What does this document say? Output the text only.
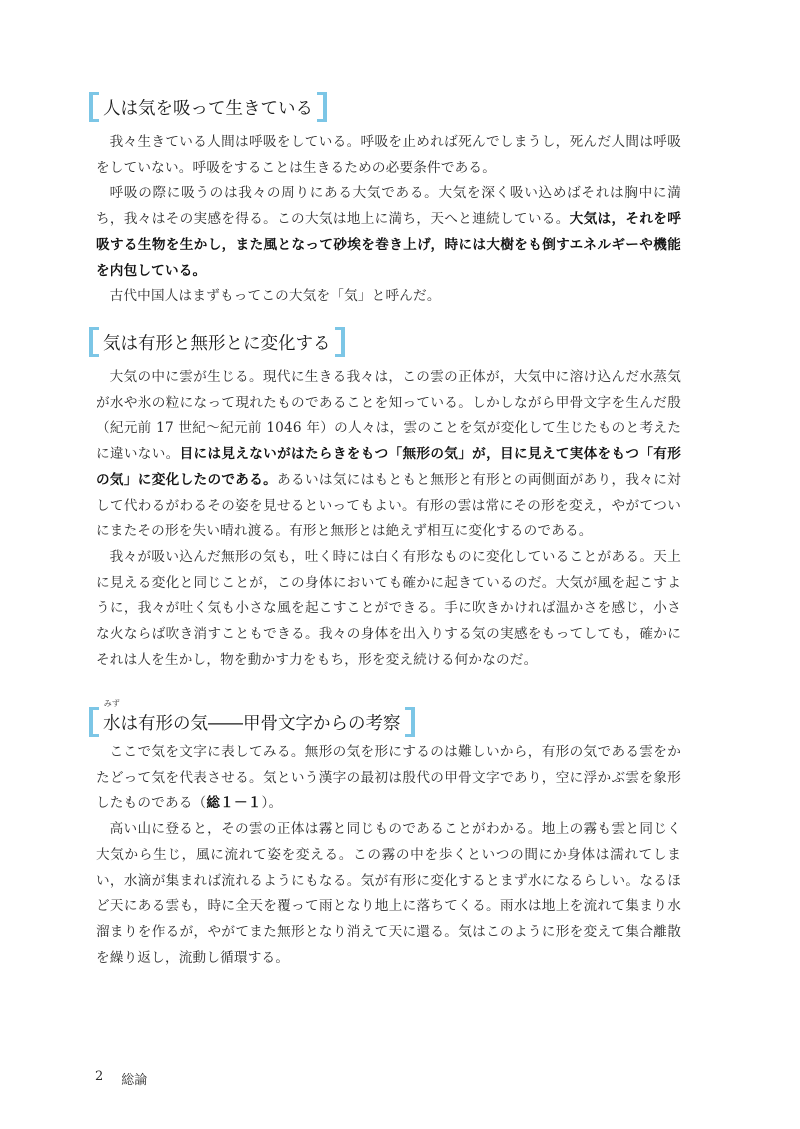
人は気を吸って生きている

我々生きている人間は呼吸をしている。呼吸を止めれば死んでしまうし，死んだ人間は呼吸をしていない。呼吸をすることは生きるための必要条件である。

呼吸の際に吸うのは我々の周りにある大気である。大気を深く吸い込めばそれは胸中に満ち，我々はその実感を得る。この大気は地上に満ち，天へと連続している。大気は，それを呼吸する生物を生かし，また風となって砂埃を巻き上げ，時には大樹をも倒すエネルギーや機能を内包している。

古代中国人はまずもってこの大気を「気」と呼んだ。

気は有形と無形とに変化する

大気の中に雲が生じる。現代に生きる我々は，この雲の正体が，大気中に溶け込んだ水蒸気が水や氷の粒になって現れたものであることを知っている。しかしながら甲骨文字を生んだ殷（紀元前 17 世紀〜紀元前 1046 年）の人々は，雲のことを気が変化して生じたものと考えたに違いない。目には見えないがはたらきをもつ「無形の気」が，目に見えて実体をもつ「有形の気」に変化したのである。あるいは気にはもともと無形と有形との両側面があり，我々に対して代わるがわるその姿を見せるといってもよい。有形の雲は常にその形を変え，やがてついにまたその形を失い晴れ渡る。有形と無形とは絶えず相互に変化するのである。

我々が吸い込んだ無形の気も，吐く時には白く有形なものに変化していることがある。天上に見える変化と同じことが，この身体においても確かに起きているのだ。大気が風を起こすように，我々が吐く気も小さな風を起こすことができる。手に吹きかければ温かさを感じ，小さな火ならば吹き消すこともできる。我々の身体を出入りする気の実感をもってしても，確かにそれは人を生かし，物を動かす力をもち，形を変え続ける何かなのだ。

水
みず
は有形の気――甲骨文字からの考察

ここで気を文字に表してみる。無形の気を形にするのは難しいから，有形の気である雲をかたどって気を代表させる。気という漢字の最初は殷代の甲骨文字であり，空に浮かぶ雲を象形したものである（総１－１）。

高い山に登ると，その雲の正体は霧と同じものであることがわかる。地上の霧も雲と同じく大気から生じ，風に流れて姿を変える。この霧の中を歩くといつの間にか身体は濡れてしまい，水滴が集まれば流れるようにもなる。気が有形に変化するとまず水になるらしい。なるほど天にある雲も，時に全天を覆って雨となり地上に落ちてくる。雨水は地上を流れて集まり水溜まりを作るが，やがてまた無形となり消えて天に還る。気はこのように形を変えて集合離散を繰り返し，流動し循環する。

2 総論
